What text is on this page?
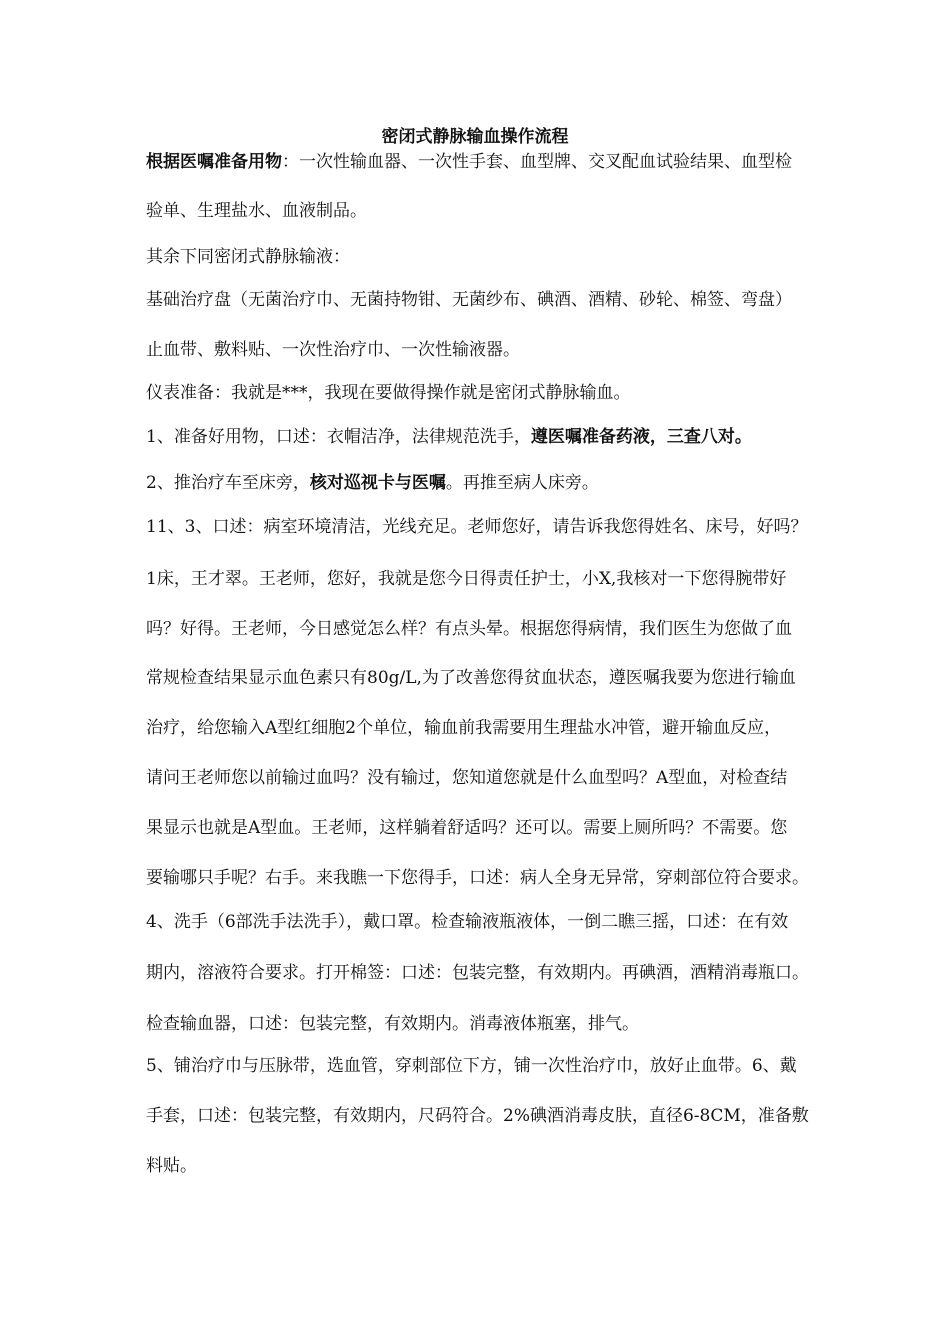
密闭式静脉输血操作流程
根据医嘱准备用物：一次性输血器、一次性手套、血型牌、交叉配血试验结果、血型检
验单、生理盐水、血液制品。
其余下同密闭式静脉输液：
基础治疗盘（无菌治疗巾、无菌持物钳、无菌纱布、碘酒、酒精、砂轮、棉签、弯盘）
止血带、敷料贴、一次性治疗巾、一次性输液器。
仪表准备：我就是***，我现在要做得操作就是密闭式静脉输血。
1、准备好用物，口述：衣帽洁净，法律规范洗手，遵医嘱准备药液，三查八对。
2、推治疗车至床旁，核对巡视卡与医嘱。再推至病人床旁。
11、3、口述：病室环境清洁，光线充足。老师您好，请告诉我您得姓名、床号，好吗？
1床，王才翠。王老师，您好，我就是您今日得责任护士，小X,我核对一下您得腕带好
吗？好得。王老师，今日感觉怎么样？有点头晕。根据您得病情，我们医生为您做了血
常规检查结果显示血色素只有80g/L,为了改善您得贫血状态，遵医嘱我要为您进行输血
治疗，给您输入A型红细胞2个单位，输血前我需要用生理盐水冲管，避开输血反应，
请问王老师您以前输过血吗？没有输过，您知道您就是什么血型吗？A型血，对检查结
果显示也就是A型血。王老师，这样躺着舒适吗？还可以。需要上厕所吗？不需要。您
要输哪只手呢？右手。来我瞧一下您得手，口述：病人全身无异常，穿刺部位符合要求。
4、洗手（6部洗手法洗手），戴口罩。检查输液瓶液体，一倒二瞧三摇，口述：在有效
期内，溶液符合要求。打开棉签：口述：包装完整，有效期内。再碘酒，酒精消毒瓶口。
检查输血器，口述：包装完整，有效期内。消毒液体瓶塞，排气。
5、铺治疗巾与压脉带，选血管，穿刺部位下方，铺一次性治疗巾，放好止血带。6、戴
手套，口述：包装完整，有效期内，尺码符合。2%碘酒消毒皮肤，直径6-8CM，准备敷
料贴。
